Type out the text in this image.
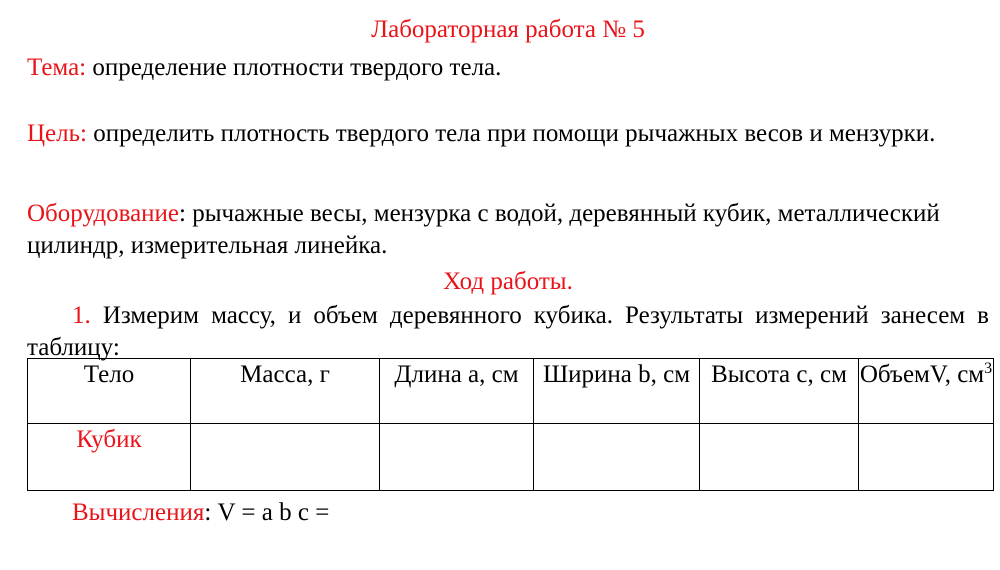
Лабораторная работа № 5

Тема: определение плотности твердого тела.

Цель: определить плотность твердого тела при помощи рычажных весов и мензурки.

Оборудование: рычажные весы, мензурка с водой, деревянный кубик, металлический цилиндр, измерительная линейка.

Ход работы.

1. Измерим массу, и объем деревянного кубика. Результаты измерений занесем в таблицу:

Тело	Масса, г	Длина а, см	Ширина b, см	Высота с, см	ОбъемV, $см^3$
Кубик					

Вычисления: V = a b c =
